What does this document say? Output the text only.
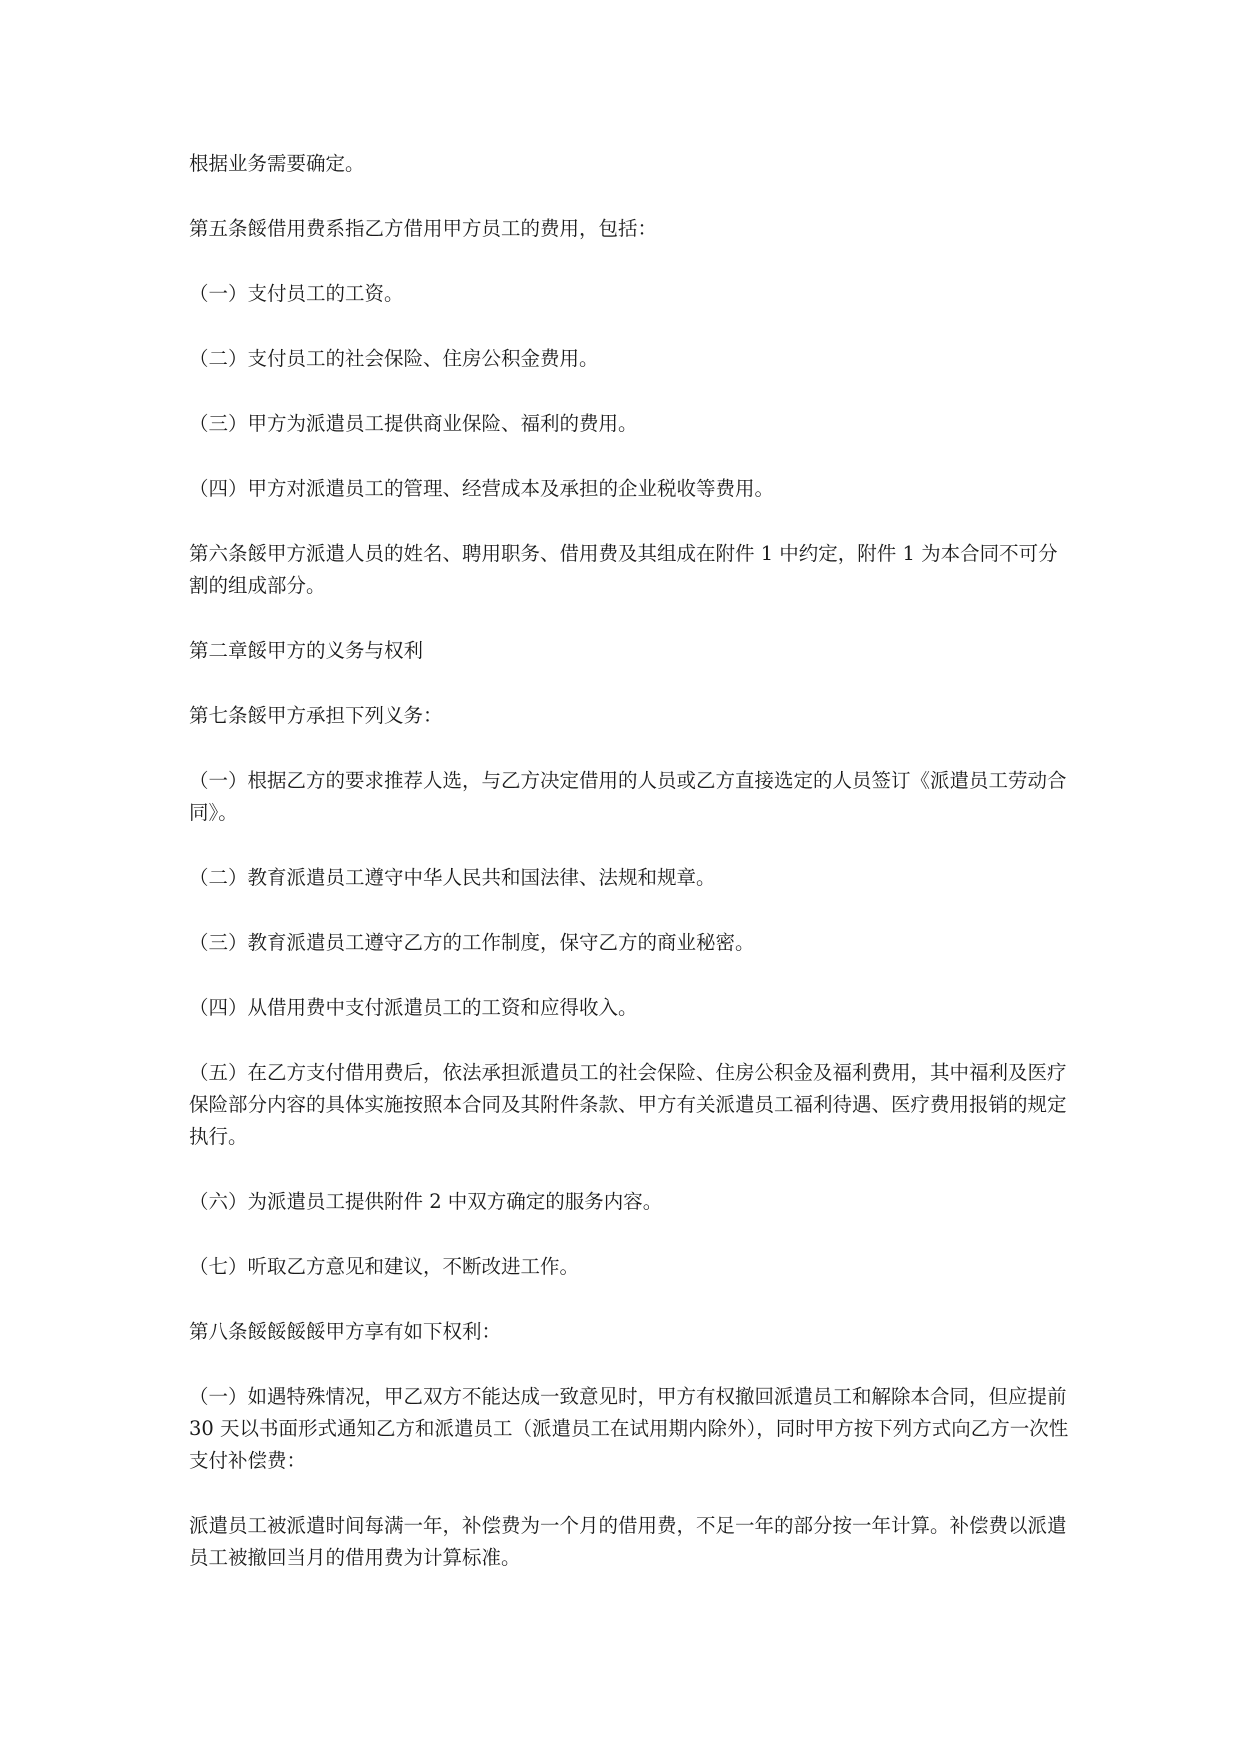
根据业务需要确定。

第五条餒借用费系指乙方借用甲方员工的费用，包括：

（一）支付员工的工资。

（二）支付员工的社会保险、住房公积金费用。

（三）甲方为派遣员工提供商业保险、福利的费用。

（四）甲方对派遣员工的管理、经营成本及承担的企业税收等费用。

第六条餒甲方派遣人员的姓名、聘用职务、借用费及其组成在附件 1 中约定，附件 1 为本合同不可分割的组成部分。

第二章餒甲方的义务与权利

第七条餒甲方承担下列义务：

（一）根据乙方的要求推荐人选，与乙方决定借用的人员或乙方直接选定的人员签订《派遣员工劳动合同》。

（二）教育派遣员工遵守中华人民共和国法律、法规和规章。

（三）教育派遣员工遵守乙方的工作制度，保守乙方的商业秘密。

（四）从借用费中支付派遣员工的工资和应得收入。

（五）在乙方支付借用费后，依法承担派遣员工的社会保险、住房公积金及福利费用，其中福利及医疗保险部分内容的具体实施按照本合同及其附件条款、甲方有关派遣员工福利待遇、医疗费用报销的规定执行。

（六）为派遣员工提供附件 2 中双方确定的服务内容。

（七）听取乙方意见和建议，不断改进工作。

第八条餒餒餒餒甲方享有如下权利：

（一）如遇特殊情况，甲乙双方不能达成一致意见时，甲方有权撤回派遣员工和解除本合同，但应提前 30 天以书面形式通知乙方和派遣员工（派遣员工在试用期内除外），同时甲方按下列方式向乙方一次性支付补偿费：

派遣员工被派遣时间每满一年，补偿费为一个月的借用费，不足一年的部分按一年计算。补偿费以派遣员工被撤回当月的借用费为计算标准。
